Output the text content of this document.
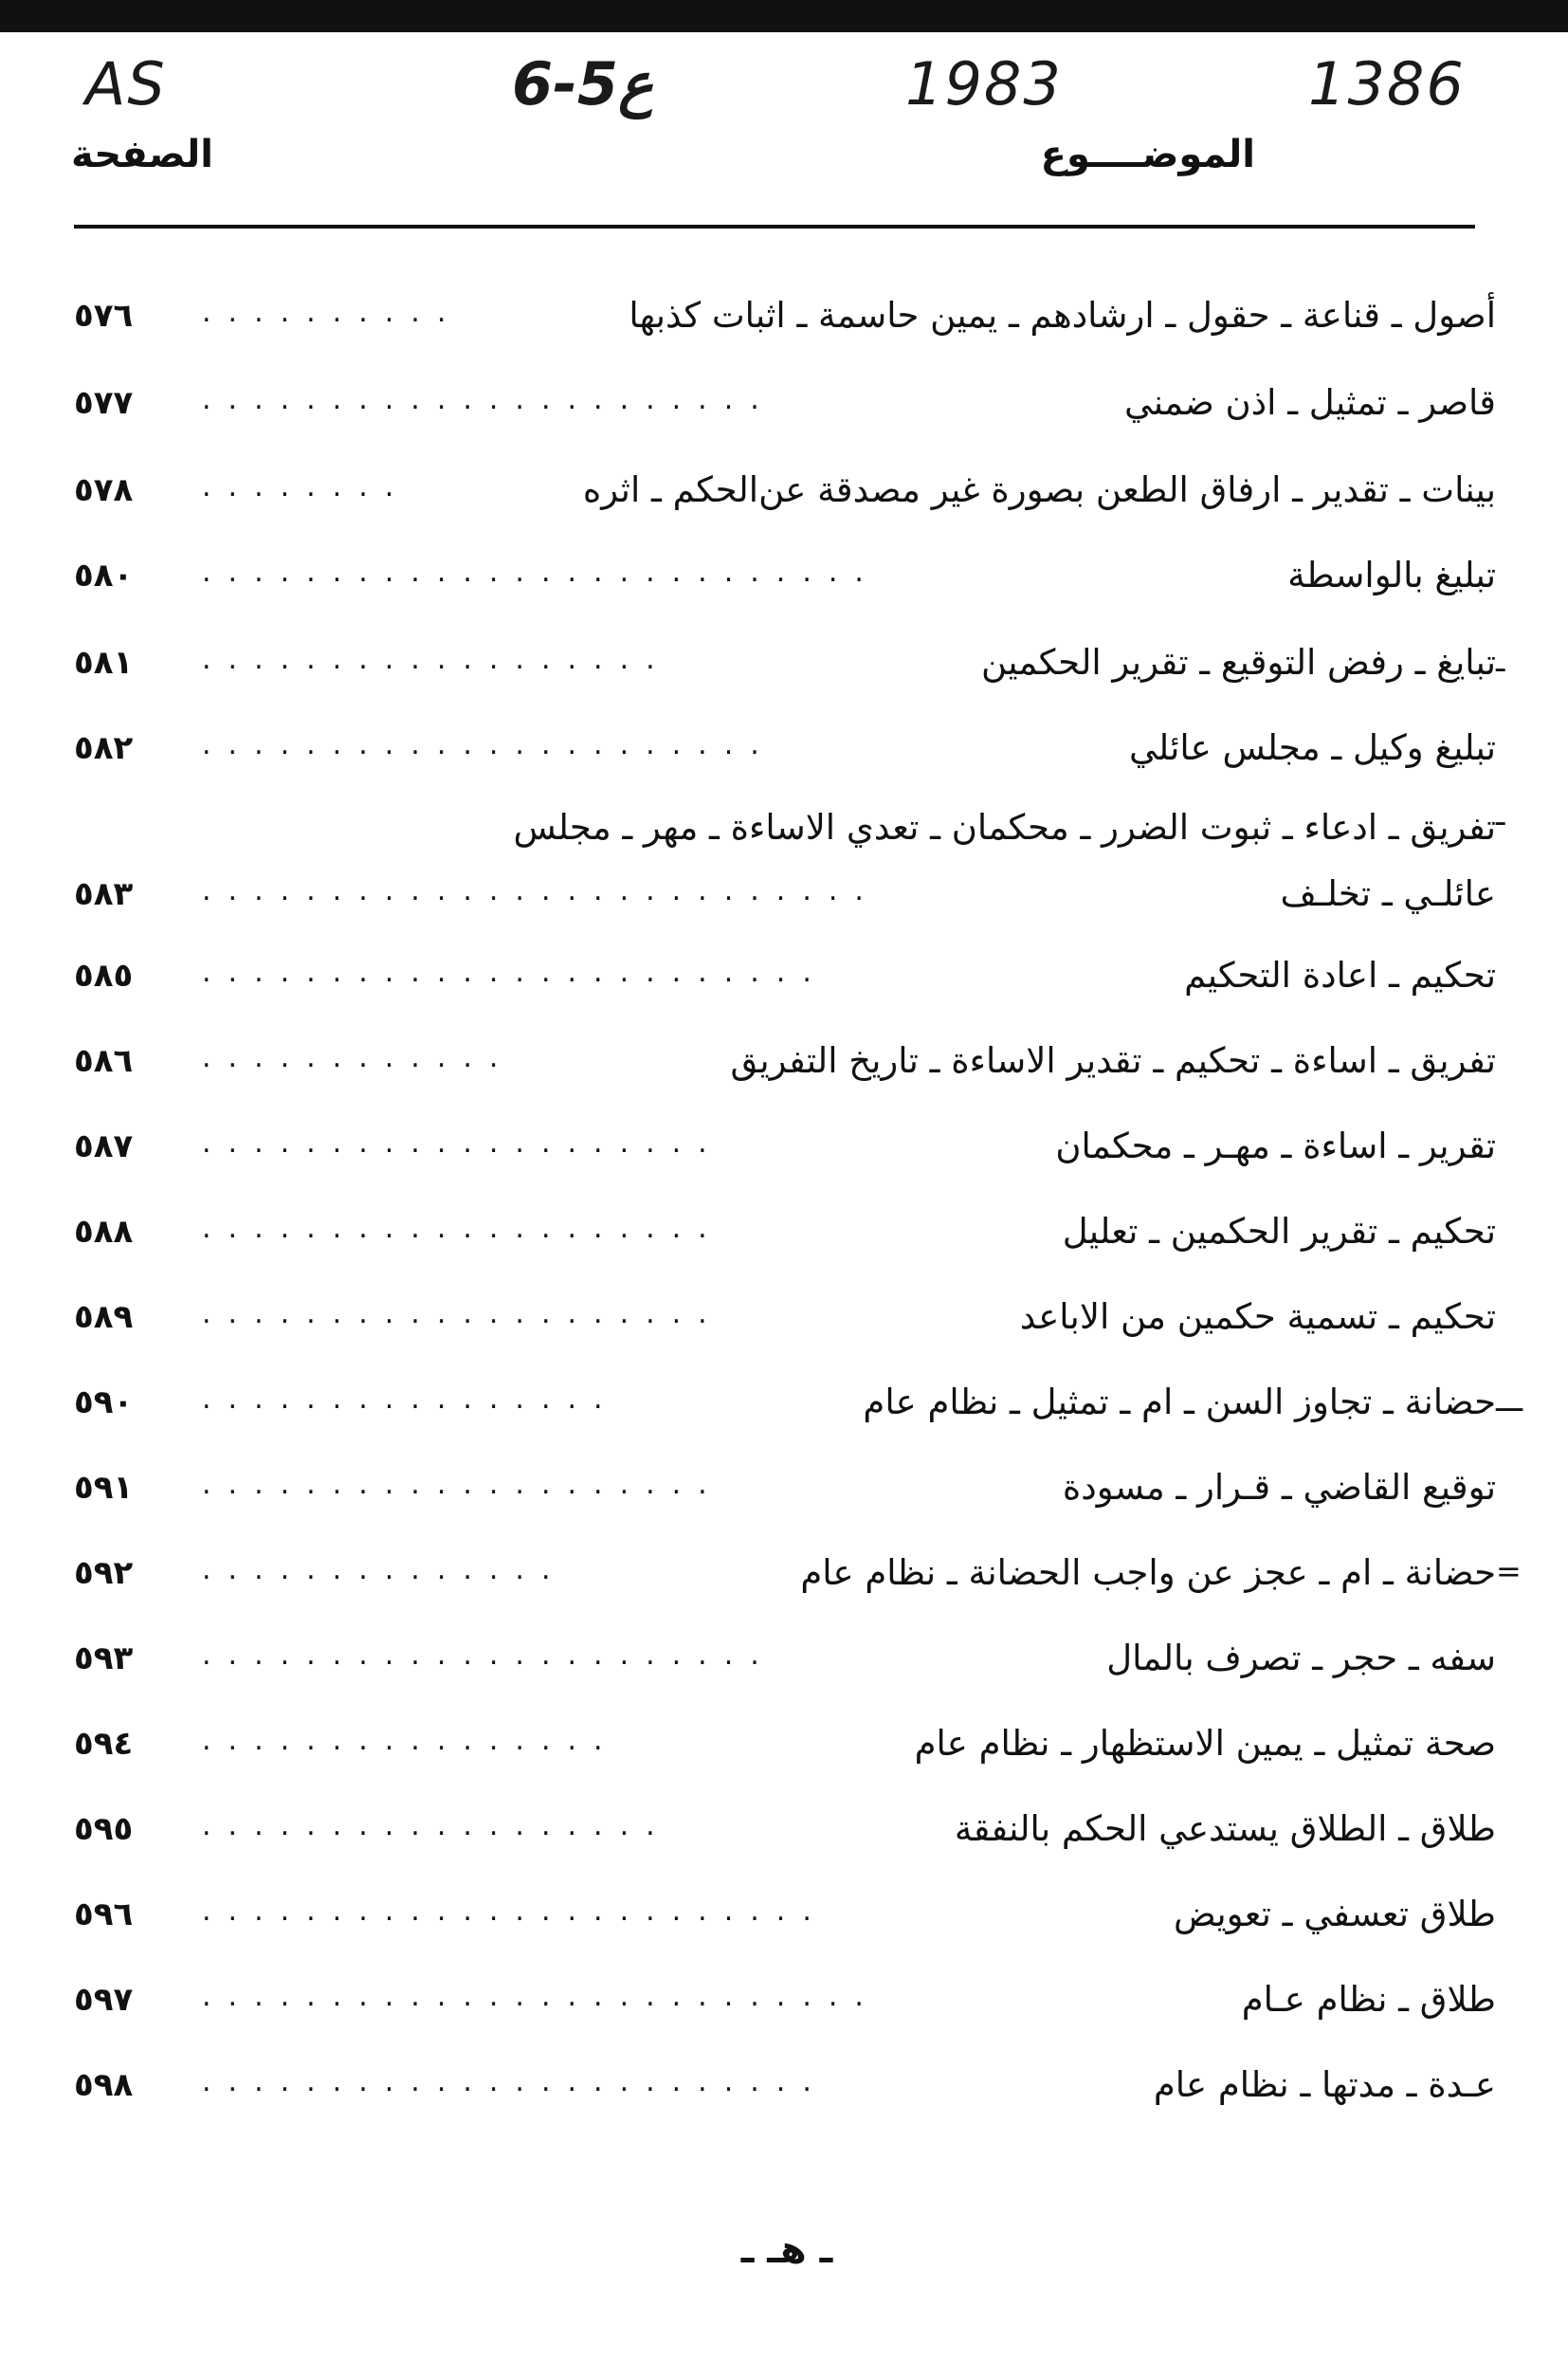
AS	6-5ع	1983	1386
الصفحة	الموضــــوع
٥٧٦	أصول ـ قناعة ـ حقول ـ ارشادهم ـ يمين حاسمة ـ اثبات كذبها
..........
٥٧٧	قاصر ـ تمثيل ـ اذن ضمني
......................
٥٧٨	بينات ـ تقدير ـ ارفاق الطعن بصورة غير مصدقة عن‌الحكم ـ اثره
........
٥٨٠	تبليغ بالواسطة
..........................
٥٨١	تبايغ ـ رفض التوقيع ـ تقرير الحكمين
..................	ـ
٥٨٢	تبليغ وكيل ـ مجلس عائلي
......................
تفريق ـ ادعاء ـ ثبوت الضرر ـ محكمان ـ تعدي الاساءة ـ مهر ـ مجلس
٥٨٣	عائلـي ـ تخلـف
..........................
ـ
٥٨٥	تحكيم ـ اعادة التحكيم
........................
٥٨٦	تفريق ـ اساءة ـ تحكيم ـ تقدير الاساءة ـ تاريخ التفريق
............
٥٨٧	تقرير ـ اساءة ـ مهـر ـ محكمان
....................
٥٨٨	تحكيم ـ تقرير الحكمين ـ تعليل
....................
٥٨٩	تحكيم ـ تسمية حكمين من الاباعد
....................
٥٩٠	حضانة ـ تجاوز السن ـ ام ـ تمثيل ـ نظام عام
................	ـــ
٥٩١	توقيع القاضي ـ قـرار ـ مسودة
....................
٥٩٢	حضانة ـ ام ـ عجز عن واجب الحضانة ـ نظام عام
..............	=
٥٩٣	سفه ـ حجر ـ تصرف بالمال
......................
٥٩٤	صحة تمثيل ـ يمين الاستظهار ـ نظام عام
................
٥٩٥	طلاق ـ الطلاق يستدعي الحكم بالنفقة
..................
٥٩٦	طلاق تعسفي ـ تعويض
........................
٥٩٧	طلاق ـ نظام عـام
..........................
٥٩٨	عـدة ـ مدتها ـ نظام عام
........................
ـ هـ ـ
